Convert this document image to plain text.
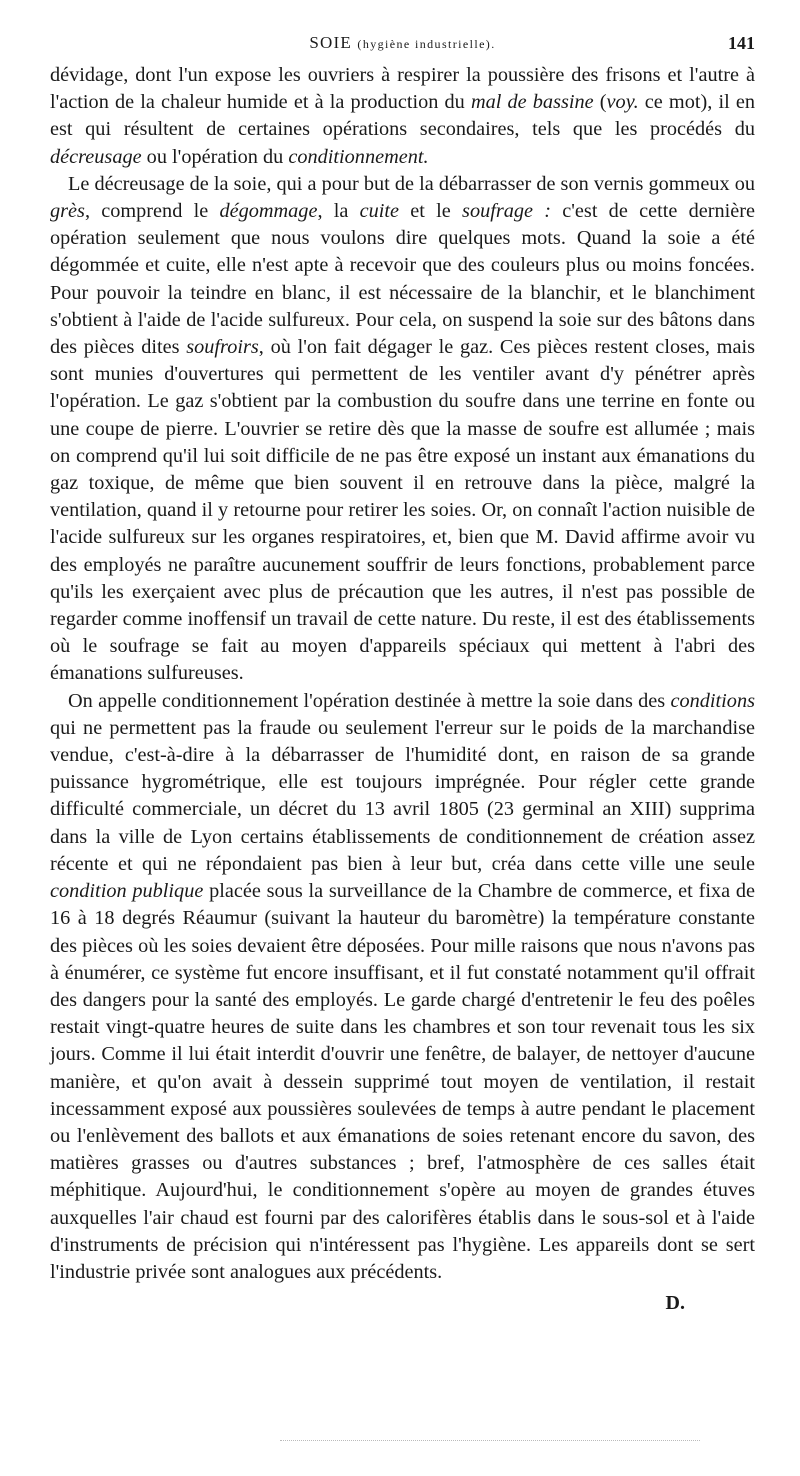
SOIE (hygiène industrielle).	141

dévidage, dont l'un expose les ouvriers à respirer la poussière des frisons et l'autre à l'action de la chaleur humide et à la production du mal de bassine (voy. ce mot), il en est qui résultent de certaines opérations secondaires, tels que les procédés du décreusage ou l'opération du conditionnement.

Le décreusage de la soie, qui a pour but de la débarrasser de son vernis gommeux ou grès, comprend le dégommage, la cuite et le soufrage : c'est de cette dernière opération seulement que nous voulons dire quelques mots. Quand la soie a été dégommée et cuite, elle n'est apte à recevoir que des couleurs plus ou moins foncées. Pour pouvoir la teindre en blanc, il est nécessaire de la blanchir, et le blanchiment s'obtient à l'aide de l'acide sulfureux. Pour cela, on suspend la soie sur des bâtons dans des pièces dites soufroirs, où l'on fait dégager le gaz. Ces pièces restent closes, mais sont munies d'ouvertures qui permettent de les ventiler avant d'y pénétrer après l'opération. Le gaz s'obtient par la combustion du soufre dans une terrine en fonte ou une coupe de pierre. L'ouvrier se retire dès que la masse de soufre est allumée ; mais on comprend qu'il lui soit difficile de ne pas être exposé un instant aux émanations du gaz toxique, de même que bien souvent il en retrouve dans la pièce, malgré la ventilation, quand il y retourne pour retirer les soies. Or, on connaît l'action nuisible de l'acide sulfureux sur les organes respiratoires, et, bien que M. David affirme avoir vu des employés ne paraître aucunement souffrir de leurs fonctions, probablement parce qu'ils les exerçaient avec plus de précaution que les autres, il n'est pas possible de regarder comme inoffensif un travail de cette nature. Du reste, il est des établissements où le soufrage se fait au moyen d'appareils spéciaux qui mettent à l'abri des émanations sulfureuses.

On appelle conditionnement l'opération destinée à mettre la soie dans des conditions qui ne permettent pas la fraude ou seulement l'erreur sur le poids de la marchandise vendue, c'est-à-dire à la débarrasser de l'humidité dont, en raison de sa grande puissance hygrométrique, elle est toujours imprégnée. Pour régler cette grande difficulté commerciale, un décret du 13 avril 1805 (23 germinal an XIII) supprima dans la ville de Lyon certains établissements de conditionnement de création assez récente et qui ne répondaient pas bien à leur but, créa dans cette ville une seule condition publique placée sous la surveillance de la Chambre de commerce, et fixa de 16 à 18 degrés Réaumur (suivant la hauteur du baromètre) la température constante des pièces où les soies devaient être déposées. Pour mille raisons que nous n'avons pas à énumérer, ce système fut encore insuffisant, et il fut constaté notamment qu'il offrait des dangers pour la santé des employés. Le garde chargé d'entretenir le feu des poêles restait vingt-quatre heures de suite dans les chambres et son tour revenait tous les six jours. Comme il lui était interdit d'ouvrir une fenêtre, de balayer, de nettoyer d'aucune manière, et qu'on avait à dessein supprimé tout moyen de ventilation, il restait incessamment exposé aux poussières soulevées de temps à autre pendant le placement ou l'enlèvement des ballots et aux émanations de soies retenant encore du savon, des matières grasses ou d'autres substances ; bref, l'atmosphère de ces salles était méphitique. Aujourd'hui, le conditionnement s'opère au moyen de grandes étuves auxquelles l'air chaud est fourni par des calorifères établis dans le sous-sol et à l'aide d'instruments de précision qui n'intéressent pas l'hygiène. Les appareils dont se sert l'industrie privée sont analogues aux précédents.

D.
